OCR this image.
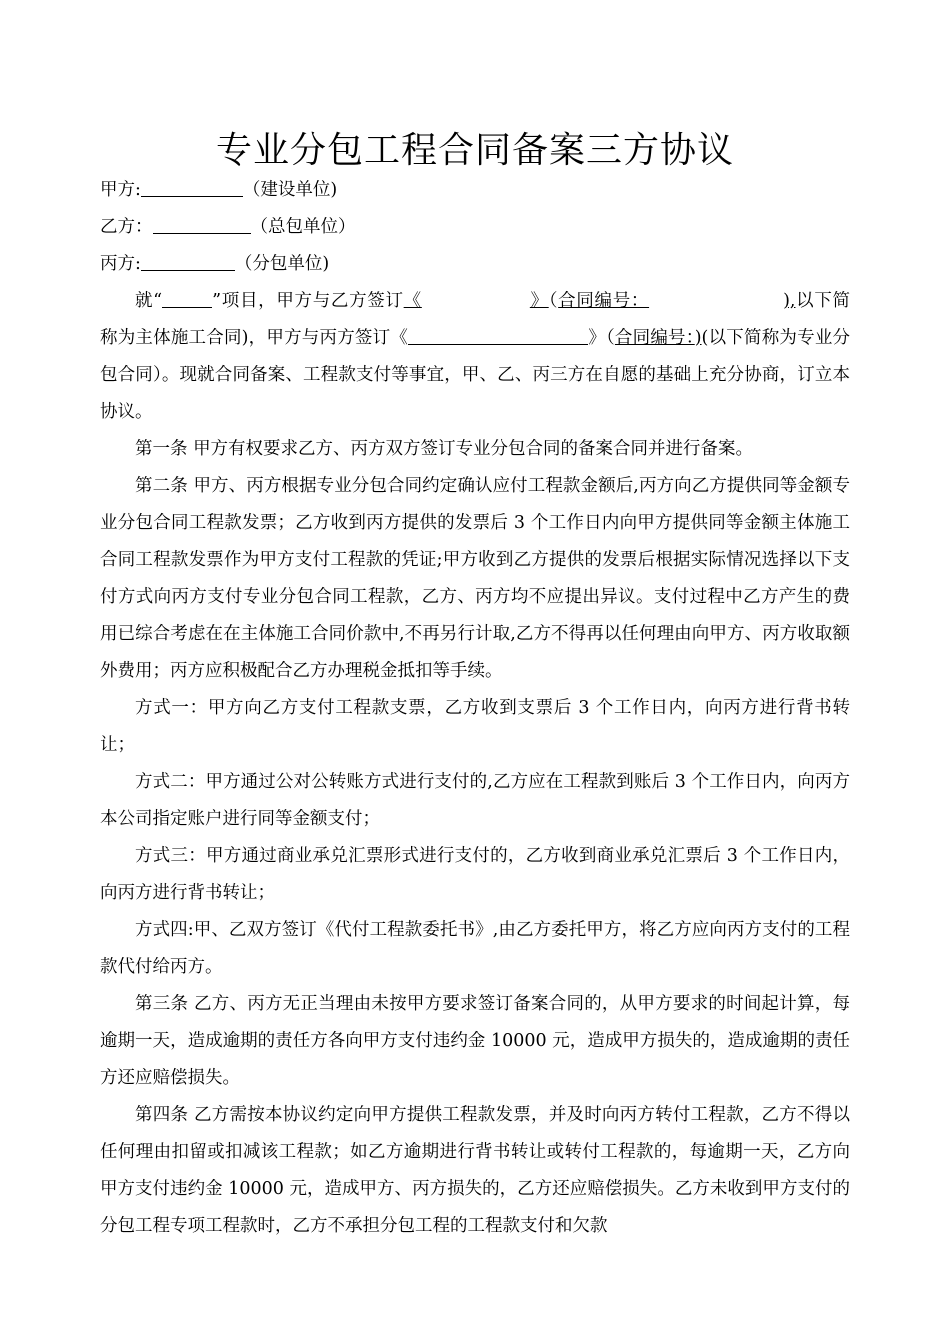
专业分包工程合同备案三方协议

甲方:	（建设单位)

乙方：	（总包单位）

丙方:	（分包单位)

就“	”项目，甲方与乙方签订《	》（合同编号：	),以下简称为主体施工合同)，甲方与丙方签订《	》（合同编号：)(以下简称为专业分包合同）。现就合同备案、工程款支付等事宜，甲、乙、丙三方在自愿的基础上充分协商，订立本协议。

第一条 甲方有权要求乙方、丙方双方签订专业分包合同的备案合同并进行备案。

第二条 甲方、丙方根据专业分包合同约定确认应付工程款金额后,丙方向乙方提供同等金额专业分包合同工程款发票；乙方收到丙方提供的发票后 3 个工作日内向甲方提供同等金额主体施工合同工程款发票作为甲方支付工程款的凭证;甲方收到乙方提供的发票后根据实际情况选择以下支付方式向丙方支付专业分包合同工程款，乙方、丙方均不应提出异议。支付过程中乙方产生的费用已综合考虑在在主体施工合同价款中,不再另行计取,乙方不得再以任何理由向甲方、丙方收取额外费用；丙方应积极配合乙方办理税金抵扣等手续。

方式一：甲方向乙方支付工程款支票，乙方收到支票后 3 个工作日内，向丙方进行背书转让；

方式二：甲方通过公对公转账方式进行支付的,乙方应在工程款到账后 3 个工作日内，向丙方本公司指定账户进行同等金额支付；

方式三：甲方通过商业承兑汇票形式进行支付的，乙方收到商业承兑汇票后 3 个工作日内，向丙方进行背书转让；

方式四:甲、乙双方签订《代付工程款委托书》,由乙方委托甲方，将乙方应向丙方支付的工程款代付给丙方。

第三条 乙方、丙方无正当理由未按甲方要求签订备案合同的，从甲方要求的时间起计算，每逾期一天，造成逾期的责任方各向甲方支付违约金 10000 元，造成甲方损失的，造成逾期的责任方还应赔偿损失。

第四条 乙方需按本协议约定向甲方提供工程款发票，并及时向丙方转付工程款，乙方不得以任何理由扣留或扣减该工程款；如乙方逾期进行背书转让或转付工程款的，每逾期一天，乙方向甲方支付违约金 10000 元，造成甲方、丙方损失的，乙方还应赔偿损失。乙方未收到甲方支付的分包工程专项工程款时，乙方不承担分包工程的工程款支付和欠款
